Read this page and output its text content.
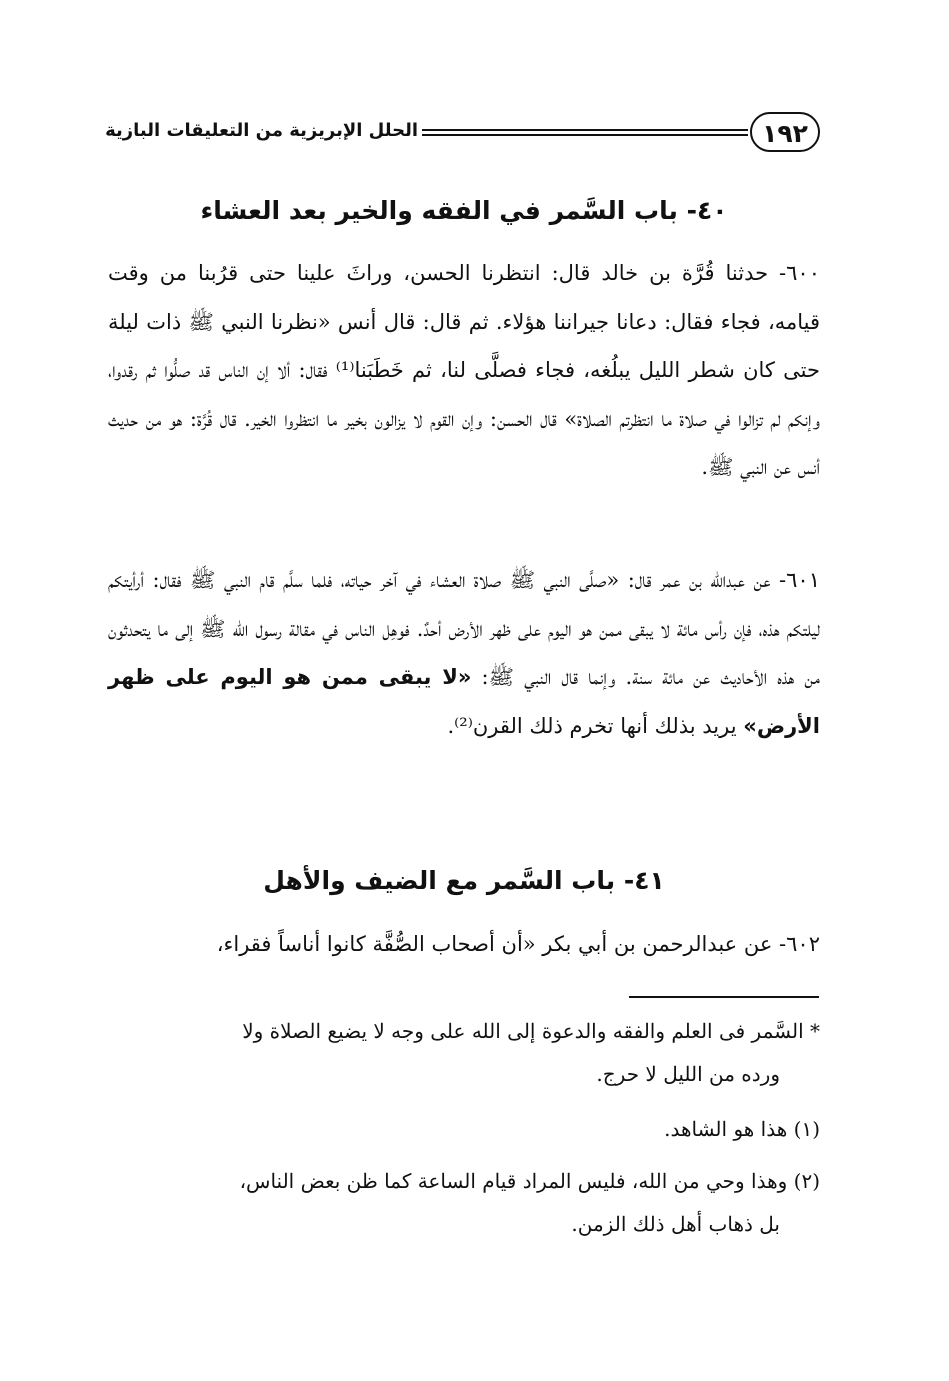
١٩٢
الحلل الإبريزية من التعليقات البازية
٤٠- باب السَّمر في الفقه والخير بعد العشاء
٦٠٠- حدثنا قُرَّة بن خالد قال: انتظرنا الحسن، وراثَ علينا حتى قرُبنا من وقت قيامه، فجاء فقال: دعانا جيراننا هؤلاء. ثم قال: قال أنس «نظرنا النبي ﷺ ذات ليلة حتى كان شطر الليل يبلُغه، فجاء فصلَّى لنا، ثم خَطَبَنا⁽¹⁾ فقال: ألا إن الناس قد صلُّوا ثم رقدوا، وإنكم لم تزالوا في صلاة ما انتظرتم الصلاة» قال الحسن: وإن القوم لا يزالون بخير ما انتظروا الخير. قال قُرَّة: هو من حديث أنس عن النبي ﷺ.
٦٠١- عن عبدالله بن عمر قال: «صلَّى النبي ﷺ صلاة العشاء في آخر حياته، فلما سلَّم قام النبي ﷺ فقال: أرأيتكم ليلتكم هذه، فإن رأس مائة لا يبقى ممن هو اليوم على ظهر الأرض أحدٌ. فوهِل الناس في مقالة رسول الله ﷺ إلى ما يتحدثون من هذه الأحاديث عن مائة سنة. وإنما قال النبي ﷺ: «لا يبقى ممن هو اليوم على ظهر الأرض» يريد بذلك أنها تخرم ذلك القرن⁽²⁾.
٤١- باب السَّمر مع الضيف والأهل
٦٠٢- عن عبدالرحمن بن أبي بكر «أن أصحاب الصُّفَّة كانوا أناساً فقراء،
* السَّمر فى العلم والفقه والدعوة إلى الله على وجه لا يضيع الصلاة ولا
ورده من الليل لا حرج.
(١) هذا هو الشاهد.
(٢) وهذا وحي من الله، فليس المراد قيام الساعة كما ظن بعض الناس،
بل ذهاب أهل ذلك الزمن.
